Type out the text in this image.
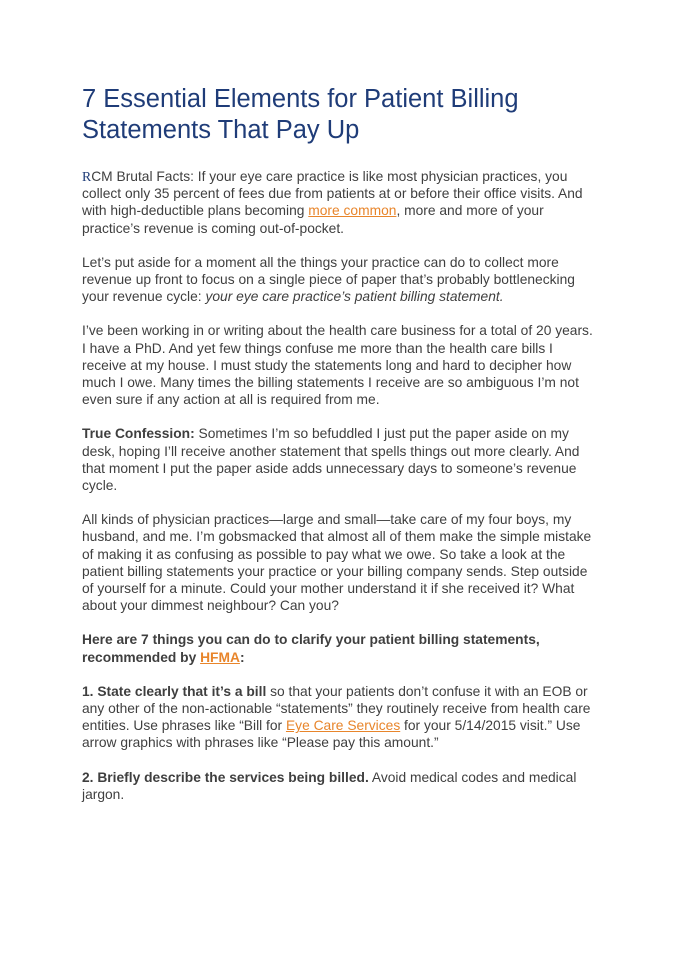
7 Essential Elements for Patient Billing Statements That Pay Up

RCM Brutal Facts: If your eye care practice is like most physician practices, you collect only 35 percent of fees due from patients at or before their office visits. And with high-deductible plans becoming more common, more and more of your practice’s revenue is coming out-of-pocket.

Let’s put aside for a moment all the things your practice can do to collect more revenue up front to focus on a single piece of paper that’s probably bottlenecking your revenue cycle: your eye care practice’s patient billing statement.

I’ve been working in or writing about the health care business for a total of 20 years. I have a PhD. And yet few things confuse me more than the health care bills I receive at my house. I must study the statements long and hard to decipher how much I owe. Many times the billing statements I receive are so ambiguous I’m not even sure if any action at all is required from me.

True Confession: Sometimes I’m so befuddled I just put the paper aside on my desk, hoping I’ll receive another statement that spells things out more clearly. And that moment I put the paper aside adds unnecessary days to someone’s revenue cycle.

All kinds of physician practices—large and small—take care of my four boys, my husband, and me. I’m gobsmacked that almost all of them make the simple mistake of making it as confusing as possible to pay what we owe. So take a look at the patient billing statements your practice or your billing company sends. Step outside of yourself for a minute. Could your mother understand it if she received it? What about your dimmest neighbour? Can you?

Here are 7 things you can do to clarify your patient billing statements, recommended by HFMA:

1. State clearly that it’s a bill so that your patients don’t confuse it with an EOB or any other of the non-actionable “statements” they routinely receive from health care entities. Use phrases like “Bill for Eye Care Services for your 5/14/2015 visit.” Use arrow graphics with phrases like “Please pay this amount.”

2. Briefly describe the services being billed. Avoid medical codes and medical jargon.
